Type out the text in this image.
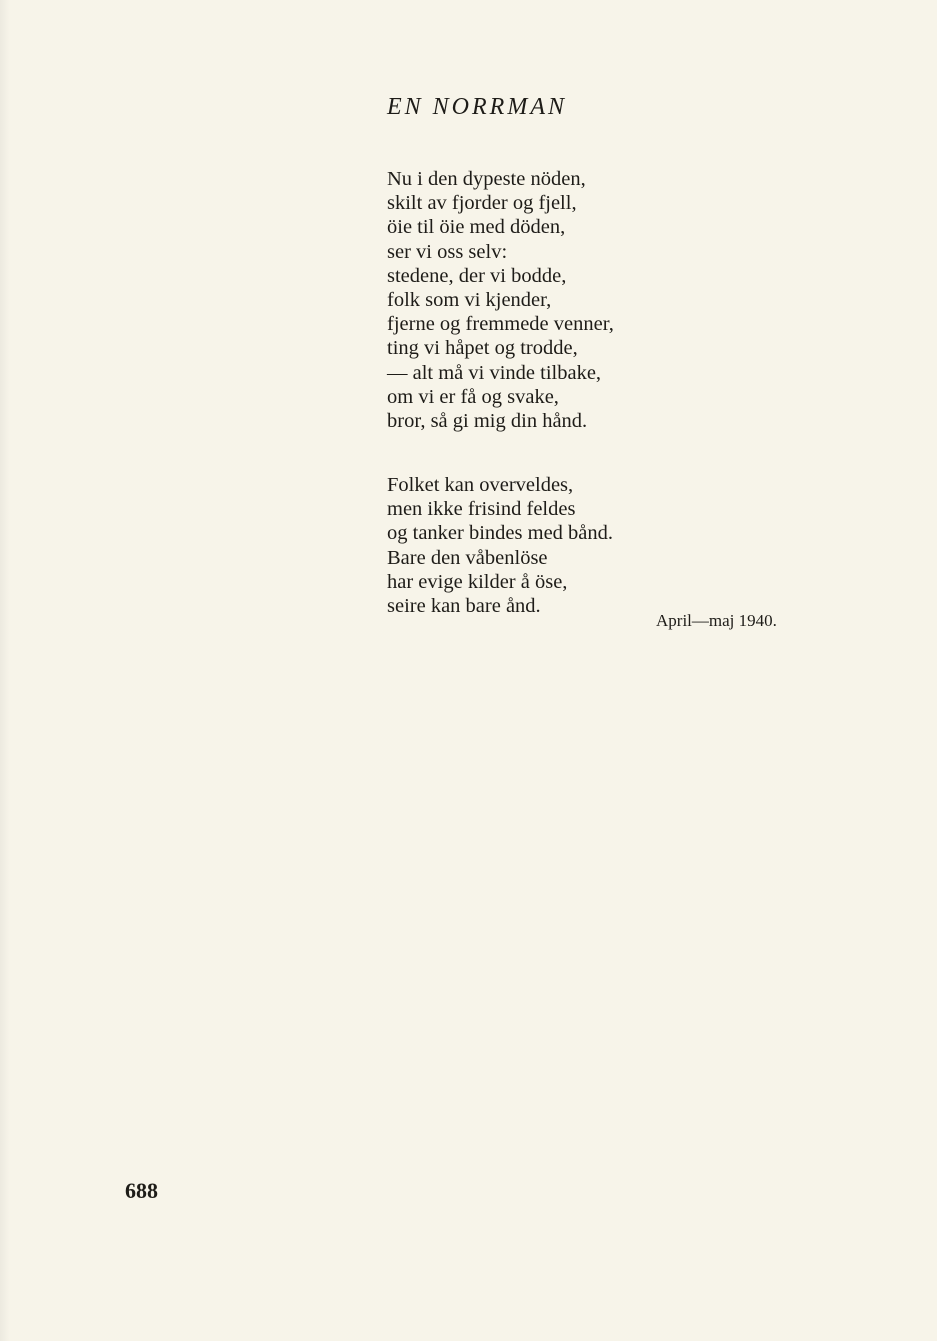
EN NORRMAN
Nu i den dypeste nöden,
skilt av fjorder og fjell,
öie til öie med döden,
ser vi oss selv:
stedene, der vi bodde,
folk som vi kjender,
fjerne og fremmede venner,
ting vi håpet og trodde,
— alt må vi vinde tilbake,
om vi er få og svake,
bror, så gi mig din hånd.
Folket kan overveldes,
men ikke frisind feldes
og tanker bindes med bånd.
Bare den våbenlöse
har evige kilder å öse,
seire kan bare ånd.
April—maj 1940.
688
